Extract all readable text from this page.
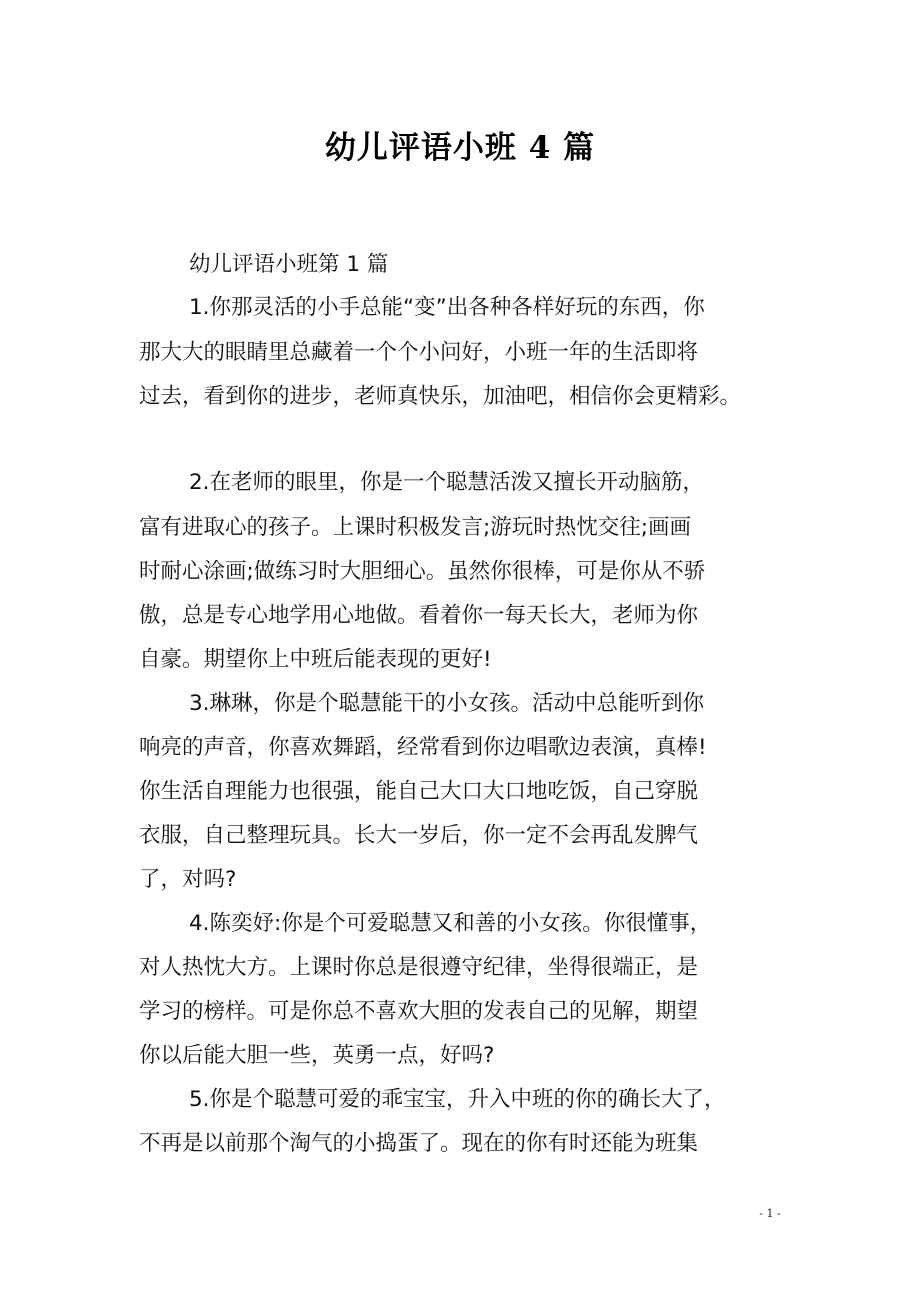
幼儿评语小班 4 篇
幼儿评语小班第 1 篇
1.你那灵活的小手总能“变”出各种各样好玩的东西，你
那大大的眼睛里总藏着一个个小问好，小班一年的生活即将
过去，看到你的进步，老师真快乐，加油吧，相信你会更精彩。
2.在老师的眼里，你是一个聪慧活泼又擅长开动脑筋，
富有进取心的孩子。上课时积极发言;游玩时热忱交往;画画
时耐心涂画;做练习时大胆细心。虽然你很棒，可是你从不骄
傲，总是专心地学用心地做。看着你一每天长大，老师为你
自豪。期望你上中班后能表现的更好!
3.琳琳，你是个聪慧能干的小女孩。活动中总能听到你
响亮的声音，你喜欢舞蹈，经常看到你边唱歌边表演，真棒!
你生活自理能力也很强，能自己大口大口地吃饭，自己穿脱
衣服，自己整理玩具。长大一岁后，你一定不会再乱发脾气
了，对吗?
4.陈奕妤:你是个可爱聪慧又和善的小女孩。你很懂事，
对人热忱大方。上课时你总是很遵守纪律，坐得很端正，是
学习的榜样。可是你总不喜欢大胆的发表自己的见解，期望
你以后能大胆一些，英勇一点，好吗?
5.你是个聪慧可爱的乖宝宝，升入中班的你的确长大了，
不再是以前那个淘气的小捣蛋了。现在的你有时还能为班集
- 1 -
